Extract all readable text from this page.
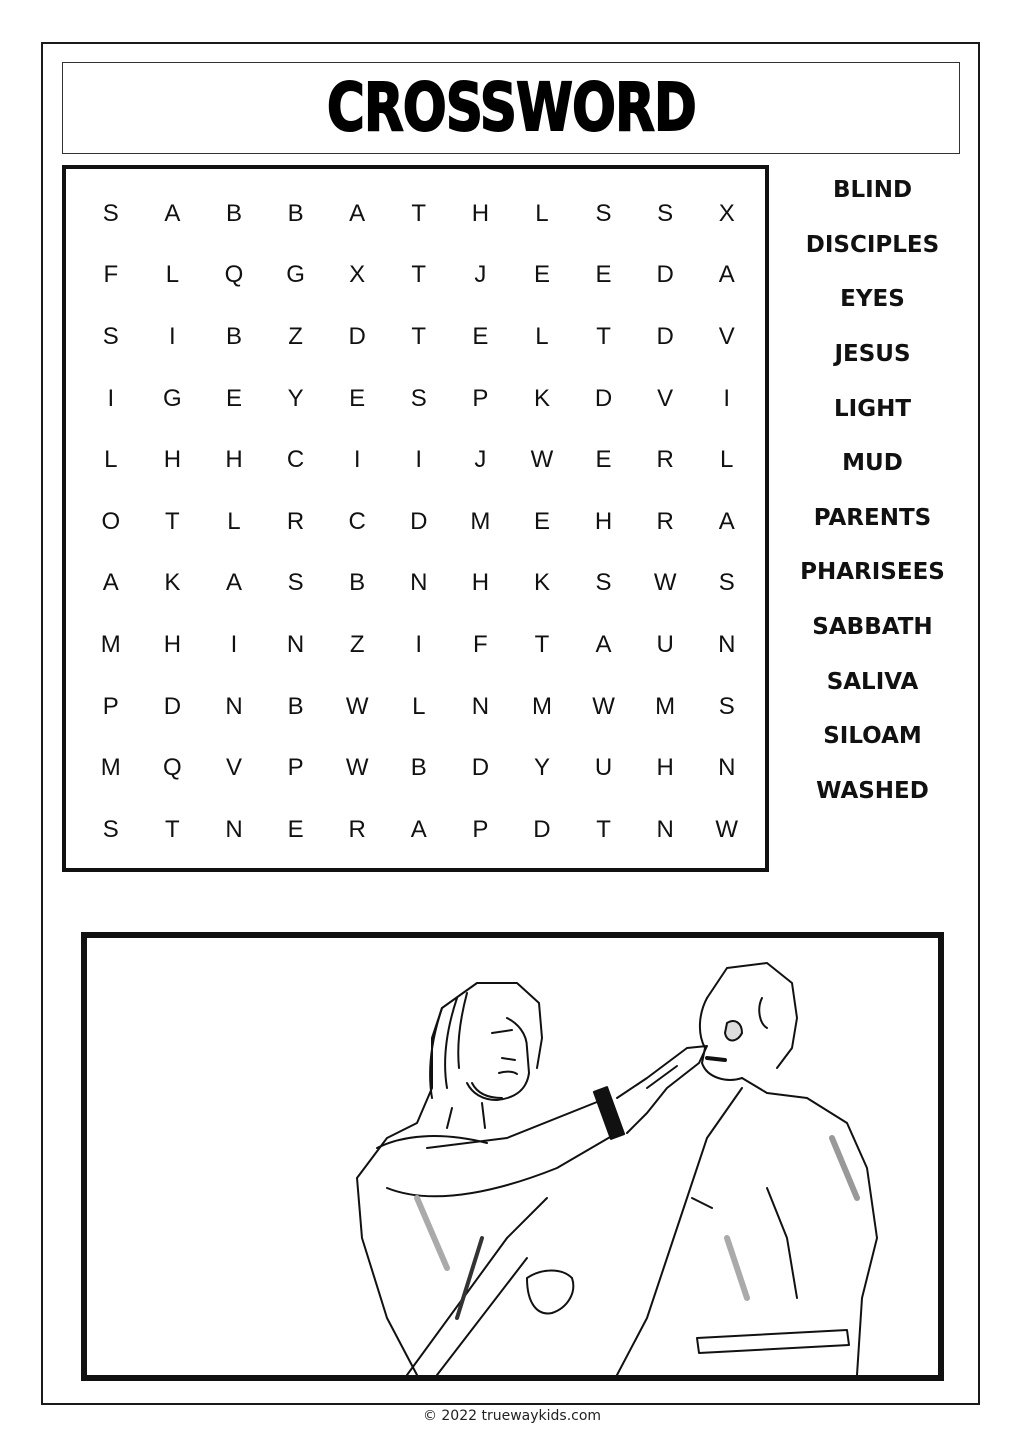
CROSSWORD
S	A	B	B	A	T	H	L	S	S	X
F	L	Q	G	X	T	J	E	E	D	A
S	I	B	Z	D	T	E	L	T	D	V
I	G	E	Y	E	S	P	K	D	V	I
L	H	H	C	I	I	J	W	E	R	L
O	T	L	R	C	D	M	E	H	R	A
A	K	A	S	B	N	H	K	S	W	S
M	H	I	N	Z	I	F	T	A	U	N
P	D	N	B	W	L	N	M	W	M	S
M	Q	V	P	W	B	D	Y	U	H	N
S	T	N	E	R	A	P	D	T	N	W
BLIND
DISCIPLES
EYES
JESUS
LIGHT
MUD
PARENTS
PHARISEES
SABBATH
SALIVA
SILOAM
WASHED
© 2022 truewaykids.com
